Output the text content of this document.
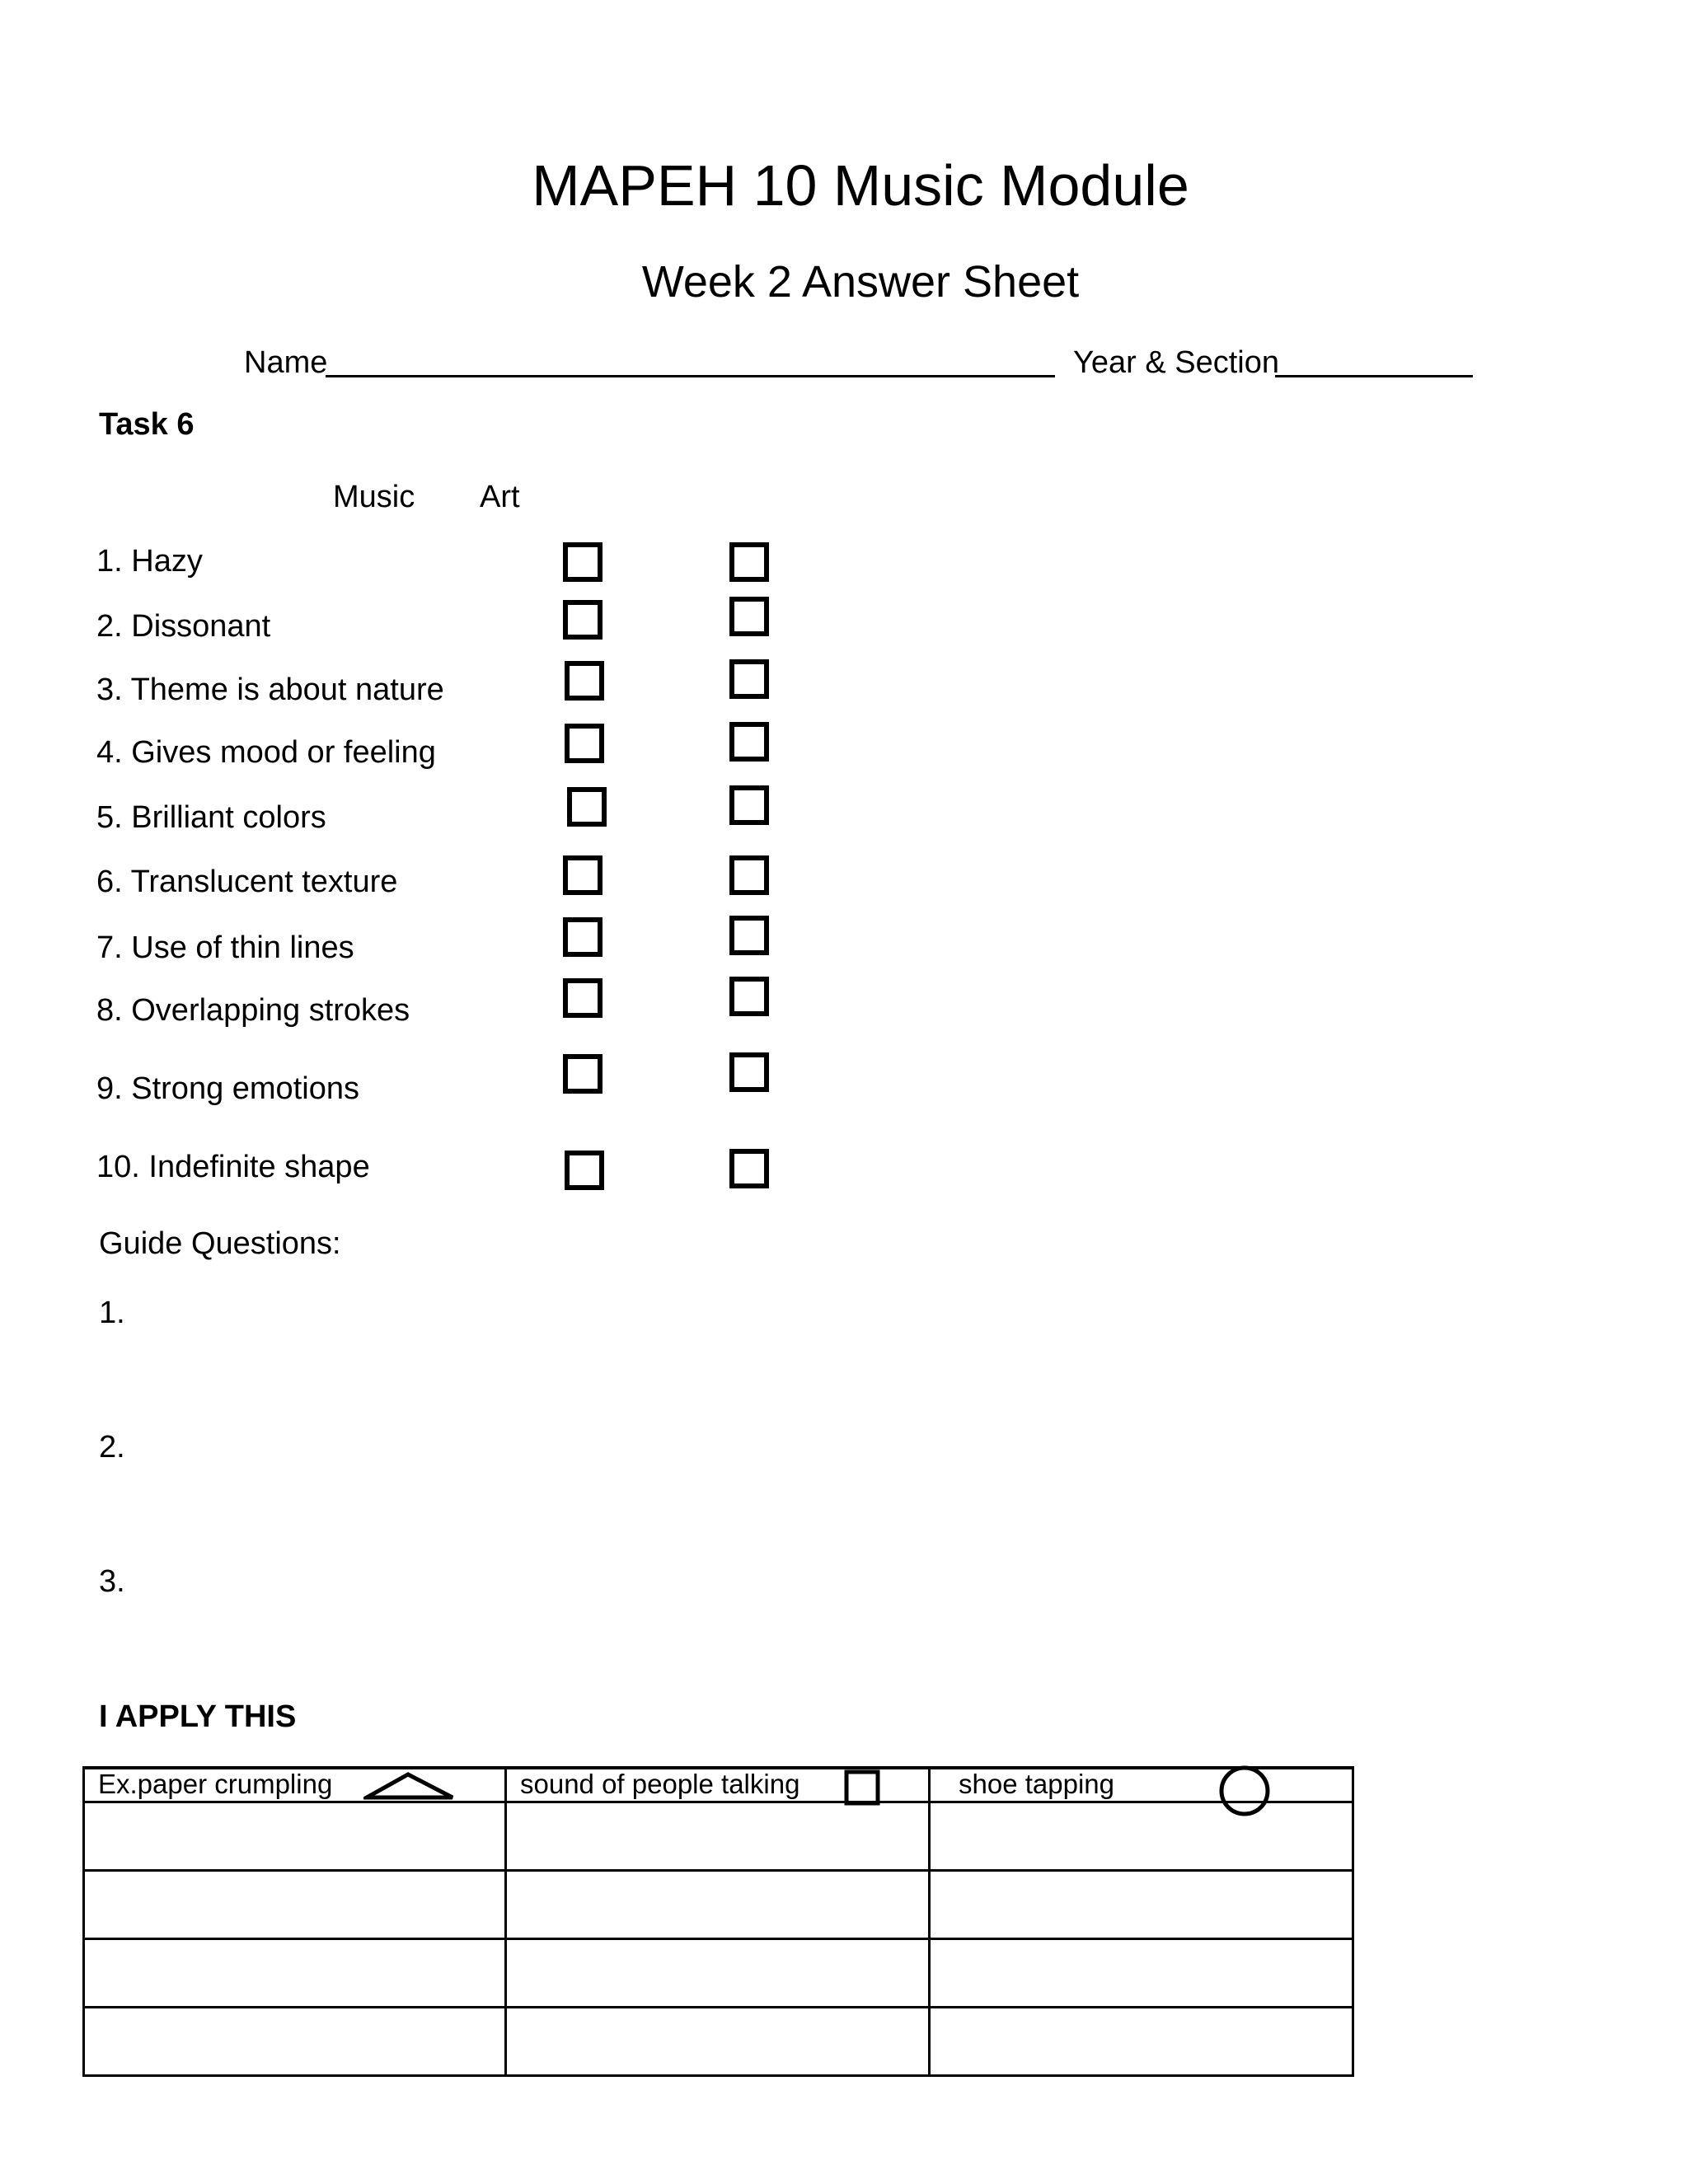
MAPEH 10 Music Module
Week 2 Answer Sheet
Name	Year & Section
Task 6
Music Art
1. Hazy
2. Dissonant
3. Theme is about nature
4. Gives mood or feeling
5. Brilliant colors
6. Translucent texture
7. Use of thin lines
8. Overlapping strokes
9. Strong emotions
10. Indefinite shape
Guide Questions:
1.
2.
3.
I APPLY THIS
Ex.paper crumpling	sound of people talking	shoe tapping
